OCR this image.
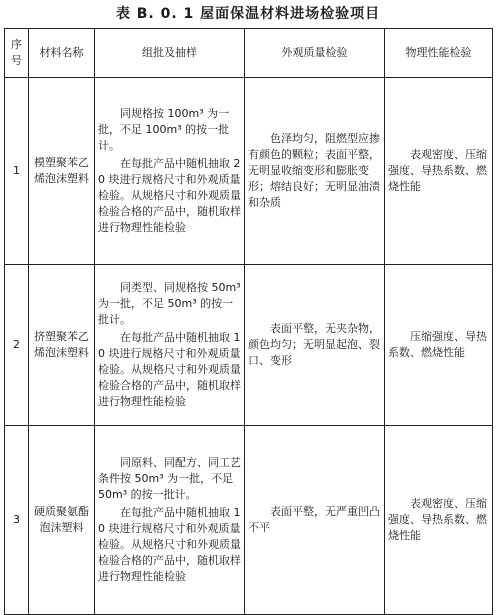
表 B. 0. 1 屋面保温材料进场检验项目
序号	材料名称	组批及抽样	外观质量检验	物理性能检验
1	模塑聚苯乙烯泡沫塑料	同规格按 100m³ 为一批，不足 100m³ 的按一批计。

在每批产品中随机抽取 20 块进行规格尺寸和外观质量检验。从规格尺寸和外观质量检验合格的产品中，随机取样进行物理性能检验	色泽均匀，阻燃型应掺有颜色的颗粒；表面平整，无明显收缩变形和膨胀变形；熔结良好；无明显油渍和杂质	表观密度、压缩强度、导热系数、燃烧性能

2	挤塑聚苯乙烯泡沫塑料	同类型、同规格按 50m³ 为一批，不足 50m³ 的按一批计。

在每批产品中随机抽取 10 块进行规格尺寸和外观质量检验。从规格尺寸和外观质量检验合格的产品中，随机取样进行物理性能检验	表面平整，无夹杂物，颜色均匀；无明显起泡、裂口、变形	压缩强度、导热系数、燃烧性能

3	硬质聚氨酯泡沫塑料	同原料、同配方、同工艺条件按 50m³ 为一批，不足 50m³ 的按一批计。

在每批产品中随机抽取 10 块进行规格尺寸和外观质量检验。从规格尺寸和外观质量检验合格的产品中，随机取样进行物理性能检验	表面平整，无严重凹凸不平	表观密度、压缩强度、导热系数、燃烧性能
